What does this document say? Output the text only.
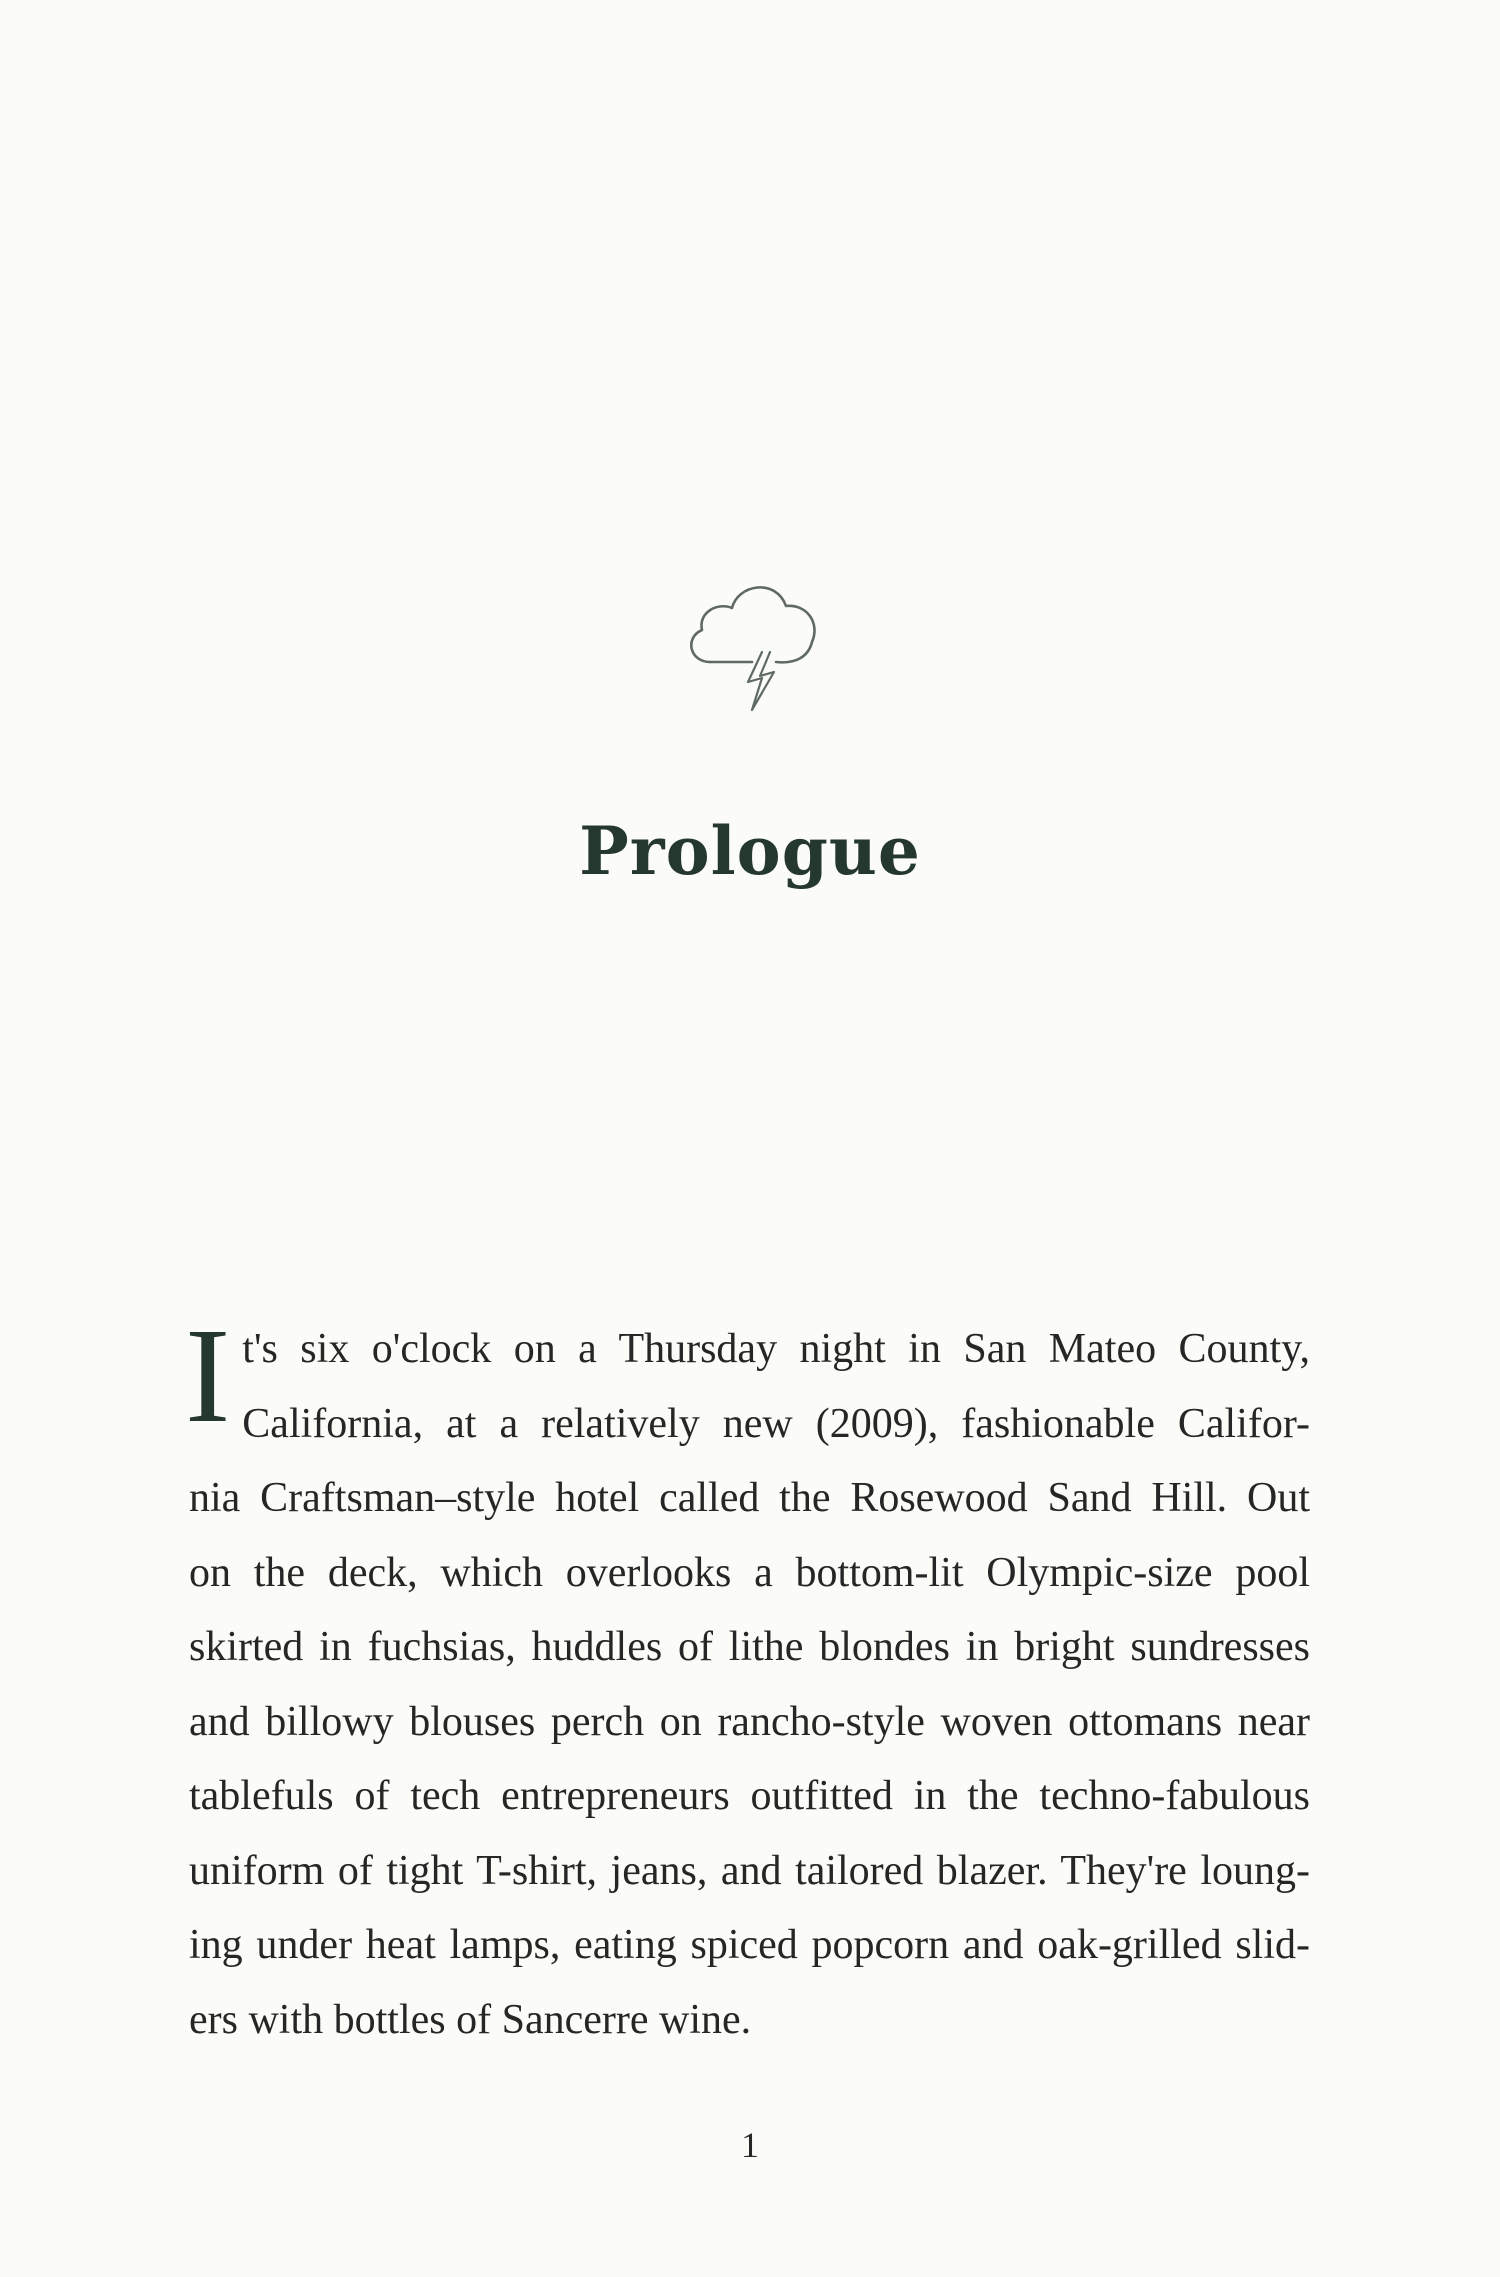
Prologue
I t's six o'clock on a Thursday night in San Mateo County,
California, at a relatively new (2009), fashionable Califor-
nia Craftsman–style hotel called the Rosewood Sand Hill. Out
on the deck, which overlooks a bottom-lit Olympic-size pool
skirted in fuchsias, huddles of lithe blondes in bright sundresses
and billowy blouses perch on rancho-style woven ottomans near
tablefuls of tech entrepreneurs outfitted in the techno-fabulous
uniform of tight T-shirt, jeans, and tailored blazer. They're loung-
ing under heat lamps, eating spiced popcorn and oak-grilled slid-
ers with bottles of Sancerre wine.
1
